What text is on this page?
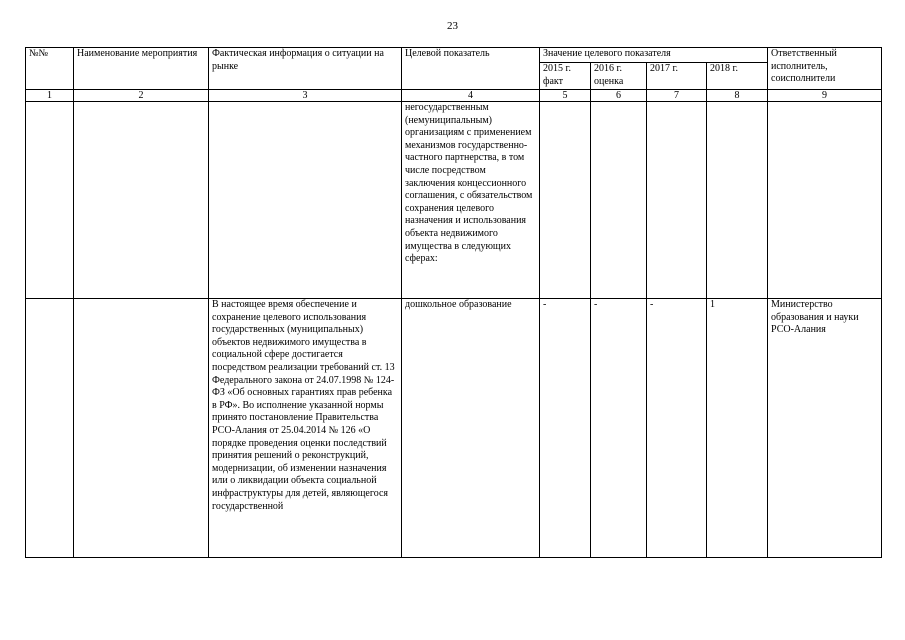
23
№№	Наименование мероприятия	Фактическая информация о ситуации на рынке	Целевой показатель	Значение целевого показателя				Ответственный исполнитель, соисполнители
				2015 г. факт	2016 г. оценка	2017 г.	2018 г.	
1	2	3	4	5	6	7	8	9
			негосударственным (немуниципальным) организациям с применением механизмов государственно-частного партнерства, в том числе посредством заключения концессионного соглашения, с обязательством сохранения целевого назначения и использования объекта недвижимого имущества в следующих сферах:					
		В настоящее время обеспечение и сохранение целевого использования государственных (муниципальных) объектов недвижимого имущества в социальной сфере достигается посредством реализации требований ст. 13 Федерального закона от 24.07.1998 № 124-ФЗ «Об основных гарантиях прав ребенка в РФ». Во исполнение указанной нормы принято постановление Правительства РСО-Алания от 25.04.2014 № 126 «О порядке проведения оценки последствий принятия решений о реконструкций, модернизации, об изменении назначения или о ликвидации объекта социальной инфраструктуры для детей, являющегося государственной	дошкольное образование	-	-	-	1	Министерство образования и науки РСО-Алания
